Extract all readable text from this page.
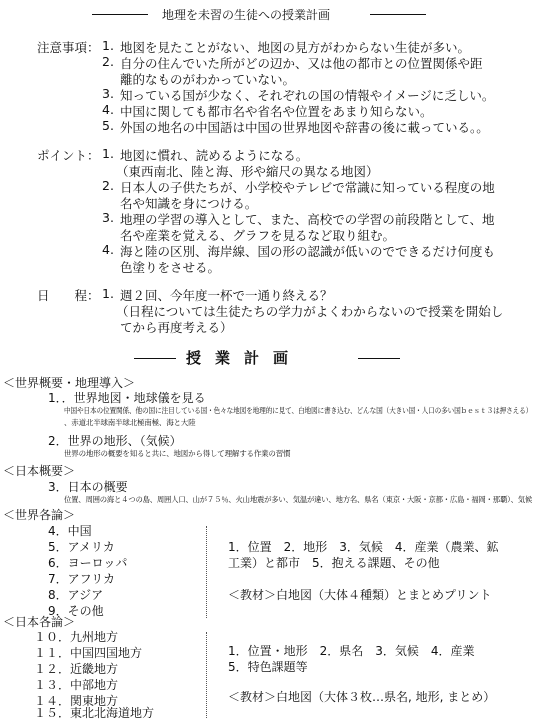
地理を未習の生徒への授業計画
注意事項： 1. 地図を見たことがない、地図の見方がわからない生徒が多い。
2. 自分の住んでいた所がどの辺か、又は他の都市との位置関係や距
離的なものがわかっていない。
3. 知っている国が少なく、それぞれの国の情報やイメージに乏しい。
4. 中国に関しても都市名や省名や位置をあまり知らない。
5. 外国の地名の中国語は中国の世界地図や辞書の後に載っている。。
ポイント： 1. 地図に慣れ、読めるようになる。
（東西南北、陸と海、形や縮尺の異なる地図）
2. 日本人の子供たちが、小学校やテレビで常識に知っている程度の地
名や知識を身につける。
3. 地理の学習の導入として、また、高校での学習の前段階として、地
名や産業を覚える、グラフを見るなど取り組む。
4. 海と陸の区別、海岸線、国の形の認識が低いのでできるだけ何度も
色塗りをさせる。
日　　程： 1. 週２回、今年度一杯で一通り終える？
（日程については生徒たちの学力がよくわからないので授業を開始し
てから再度考える）
授業計画
＜世界概要・地理導入＞
1．．世界地図・地球儀を見る
中国や日本の位置関係、他の国に注目している国・色々な地図を地理的に見て、白地図に書き込む、どんな国（大きい国・人口の多い国ｂｅｓｔ３は押さえる）
、赤道北半球南半球北極南極、海と大陸
2．世界の地形、（気候）
世界の地形の概要を知ると共に、地図から得して理解する作業の習慣
＜日本概要＞
3．日本の概要
位置、周囲の海と４つの島、周囲人口、山が７５％、火山地震が多い、気温が違い、地方名、県名（東京・大阪・京都・広島・福岡・那覇）、気候
＜世界各論＞
4．中国
5．アメリカ
6．ヨーロッパ
7．アフリカ
8．アジア
9．その他
1．位置　2．地形　3．気候　4．産業（農業、鉱
工業）と都市　5．抱える課題、その他
＜教材＞白地図（大体４種類）とまとめプリント
＜日本各論＞
１０．九州地方
１１．中国四国地方
１２．近畿地方
１３．中部地方
１４．関東地方
１５．東北北海道地方
1．位置・地形　2．県名　3．気候　4．産業
5．特色課題等
＜教材＞白地図（大体３枚…県名, 地形, まとめ）
